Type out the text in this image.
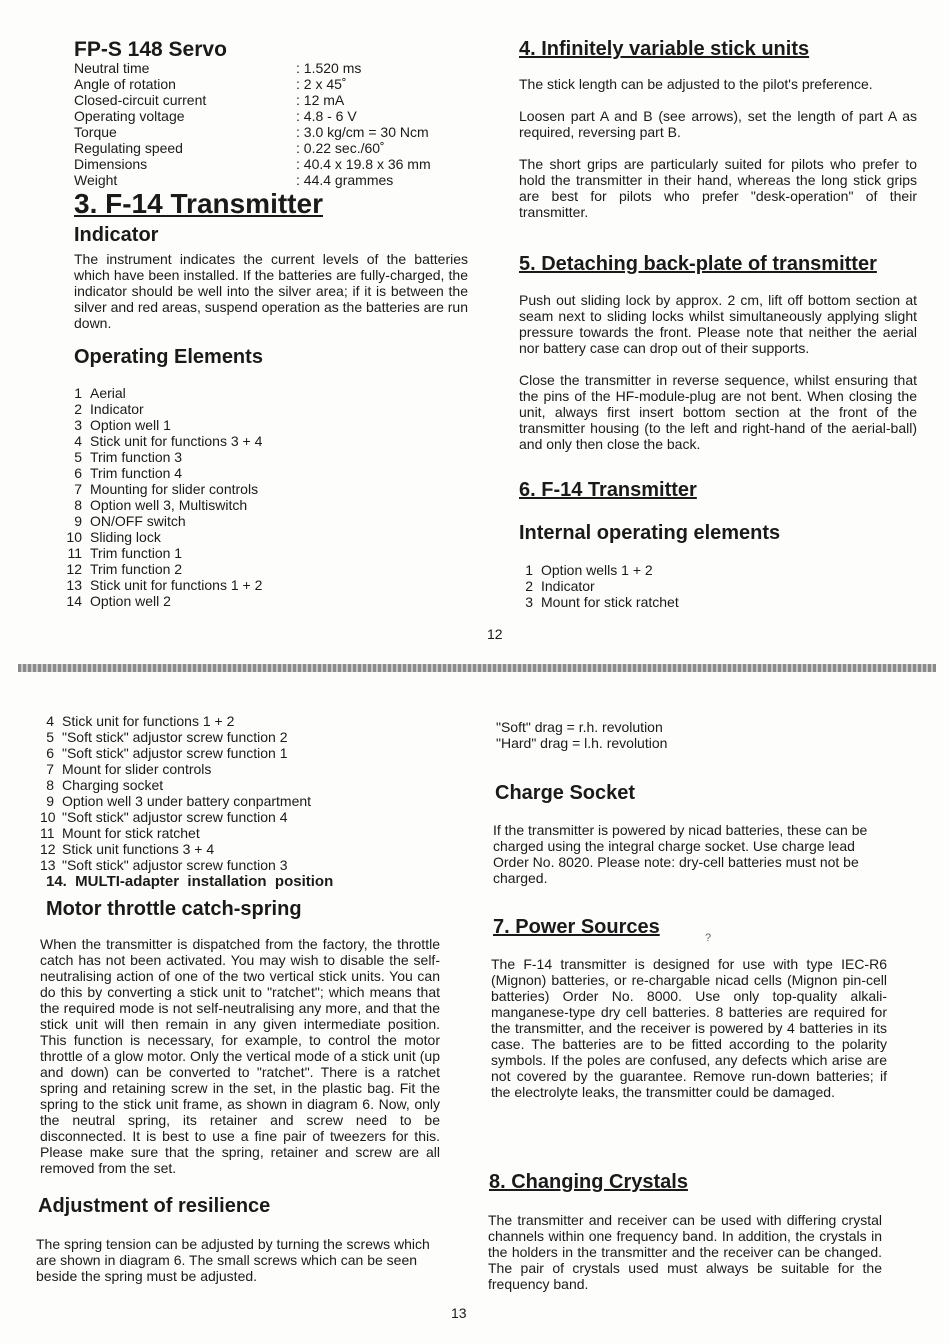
FP-S 148 Servo
Neutral time	: 1.520 ms
Angle of rotation	: 2 x 45˚
Closed-circuit current	: 12 mA
Operating voltage	: 4.8 - 6 V
Torque	: 3.0 kg/cm = 30 Ncm
Regulating speed	: 0.22 sec./60˚
Dimensions	: 40.4 x 19.8 x 36 mm
Weight	: 44.4 grammes
3. F-14 Transmitter
Indicator

The instrument indicates the current levels of the batteries which have been installed. If the batteries are fully-charged, the indicator should be well into the silver area; if it is between the silver and red areas, suspend operation as the batteries are run down.

Operating Elements
1 Aerial
2 Indicator
3 Option well 1
4 Stick unit for functions 3 + 4
5 Trim function 3
6 Trim function 4
7 Mounting for slider controls
8 Option well 3, Multiswitch
9 ON/OFF switch
10 Sliding lock
11 Trim function 1
12 Trim function 2
13 Stick unit for functions 1 + 2
14 Option well 2
4. Infinitely variable stick units

The stick length can be adjusted to the pilot's preference.

Loosen part A and B (see arrows), set the length of part A as required, reversing part B.

The short grips are particularly suited for pilots who prefer to hold the transmitter in their hand, whereas the long stick grips are best for pilots who prefer "desk-operation" of their transmitter.

5. Detaching back-plate of transmitter

Push out sliding lock by approx. 2 cm, lift off bottom section at seam next to sliding locks whilst simultaneously applying slight pressure towards the front. Please note that neither the aerial nor battery case can drop out of their supports.

Close the transmitter in reverse sequence, whilst ensuring that the pins of the HF-module-plug are not bent. When closing the unit, always first insert bottom section at the front of the transmitter housing (to the left and right-hand of the aerial-ball) and only then close the back.

6. F-14 Transmitter
Internal operating elements
1 Option wells 1 + 2
2 Indicator
3 Mount for stick ratchet
12
4 Stick unit for functions 1 + 2
5 "Soft stick" adjustor screw function 2
6 "Soft stick" adjustor screw function 1
7 Mount for slider controls
8 Charging socket
9 Option well 3 under battery conpartment
10 "Soft stick" adjustor screw function 4
11 Mount for stick ratchet
12 Stick unit functions 3 + 4
13 "Soft stick" adjustor screw function 3
14.  MULTI-adapter  installation  position
Motor throttle catch-spring

When the transmitter is dispatched from the factory, the throttle catch has not been activated. You may wish to disable the self-neutralising action of one of the two vertical stick units. You can do this by converting a stick unit to "ratchet"; which means that the required mode is not self-neutralising any more, and that the stick unit will then remain in any given intermediate position. This function is necessary, for example, to control the motor throttle of a glow motor. Only the vertical mode of a stick unit (up and down) can be converted to "ratchet". There is a ratchet spring and retaining screw in the set, in the plastic bag. Fit the spring to the stick unit frame, as shown in diagram 6. Now, only the neutral spring, its retainer and screw need to be disconnected. It is best to use a fine pair of tweezers for this. Please make sure that the spring, retainer and screw are all removed from the set.

Adjustment of resilience

The spring tension can be adjusted by turning the screws which are shown in diagram 6. The small screws which can be seen beside the spring must be adjusted.

"Soft" drag = r.h. revolution
"Hard" drag = l.h. revolution
Charge Socket

If the transmitter is powered by nicad batteries, these can be charged using the integral charge socket. Use charge lead Order No. 8020. Please note: dry-cell batteries must not be charged.

7. Power Sources	?

The F-14 transmitter is designed for use with type IEC-R6 (Mignon) batteries, or re-chargable nicad cells (Mignon pin-cell batteries) Order No. 8000. Use only top-quality alkali-manganese-type dry cell batteries. 8 batteries are required for the transmitter, and the receiver is powered by 4 batteries in its case. The batteries are to be fitted according to the polarity symbols. If the poles are confused, any defects which arise are not covered by the guarantee. Remove run-down batteries; if the electrolyte leaks, the transmitter could be damaged.

8. Changing Crystals

The transmitter and receiver can be used with differing crystal channels within one frequency band. In addition, the crystals in the holders in the transmitter and the receiver can be changed. The pair of crystals used must always be suitable for the frequency band.

13
